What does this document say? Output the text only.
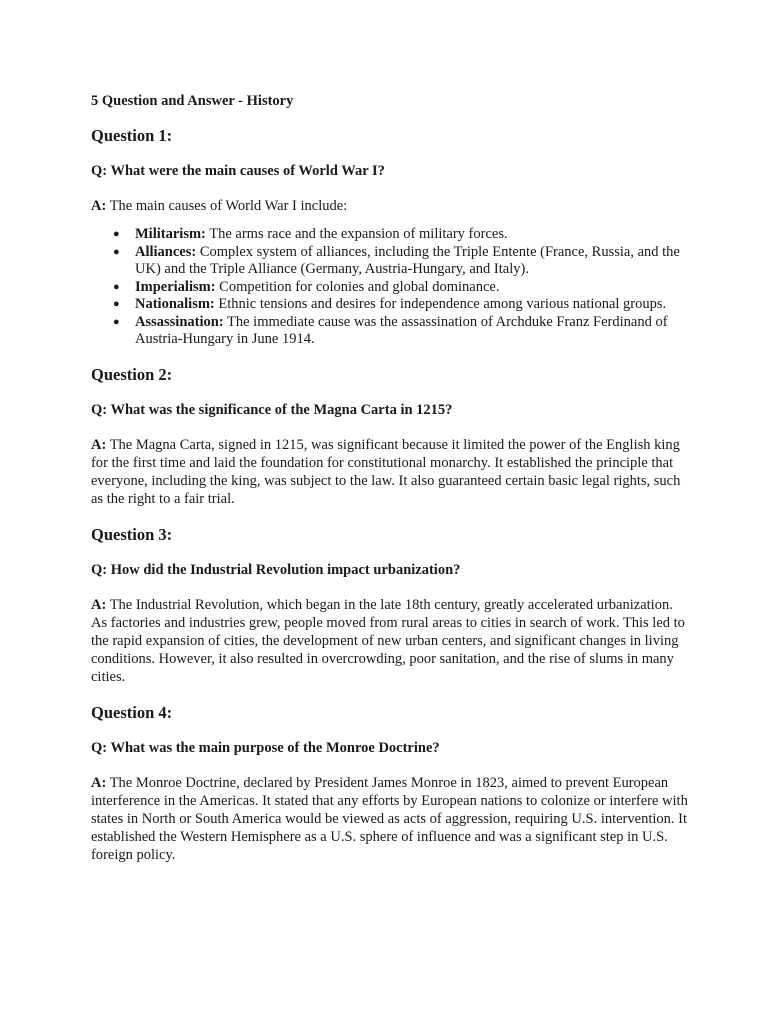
5 Question and Answer - History
Question 1:
Q: What were the main causes of World War I?
A: The main causes of World War I include:
● Militarism: The arms race and the expansion of military forces.
● Alliances: Complex system of alliances, including the Triple Entente (France, Russia, and the UK) and the Triple Alliance (Germany, Austria-Hungary, and Italy).
● Imperialism: Competition for colonies and global dominance.
● Nationalism: Ethnic tensions and desires for independence among various national groups.
● Assassination: The immediate cause was the assassination of Archduke Franz Ferdinand of Austria-Hungary in June 1914.
Question 2:
Q: What was the significance of the Magna Carta in 1215?
A: The Magna Carta, signed in 1215, was significant because it limited the power of the English king for the first time and laid the foundation for constitutional monarchy. It established the principle that everyone, including the king, was subject to the law. It also guaranteed certain basic legal rights, such as the right to a fair trial.
Question 3:
Q: How did the Industrial Revolution impact urbanization?
A: The Industrial Revolution, which began in the late 18th century, greatly accelerated urbanization. As factories and industries grew, people moved from rural areas to cities in search of work. This led to the rapid expansion of cities, the development of new urban centers, and significant changes in living conditions. However, it also resulted in overcrowding, poor sanitation, and the rise of slums in many cities.
Question 4:
Q: What was the main purpose of the Monroe Doctrine?
A: The Monroe Doctrine, declared by President James Monroe in 1823, aimed to prevent European interference in the Americas. It stated that any efforts by European nations to colonize or interfere with states in North or South America would be viewed as acts of aggression, requiring U.S. intervention. It established the Western Hemisphere as a U.S. sphere of influence and was a significant step in U.S. foreign policy.
